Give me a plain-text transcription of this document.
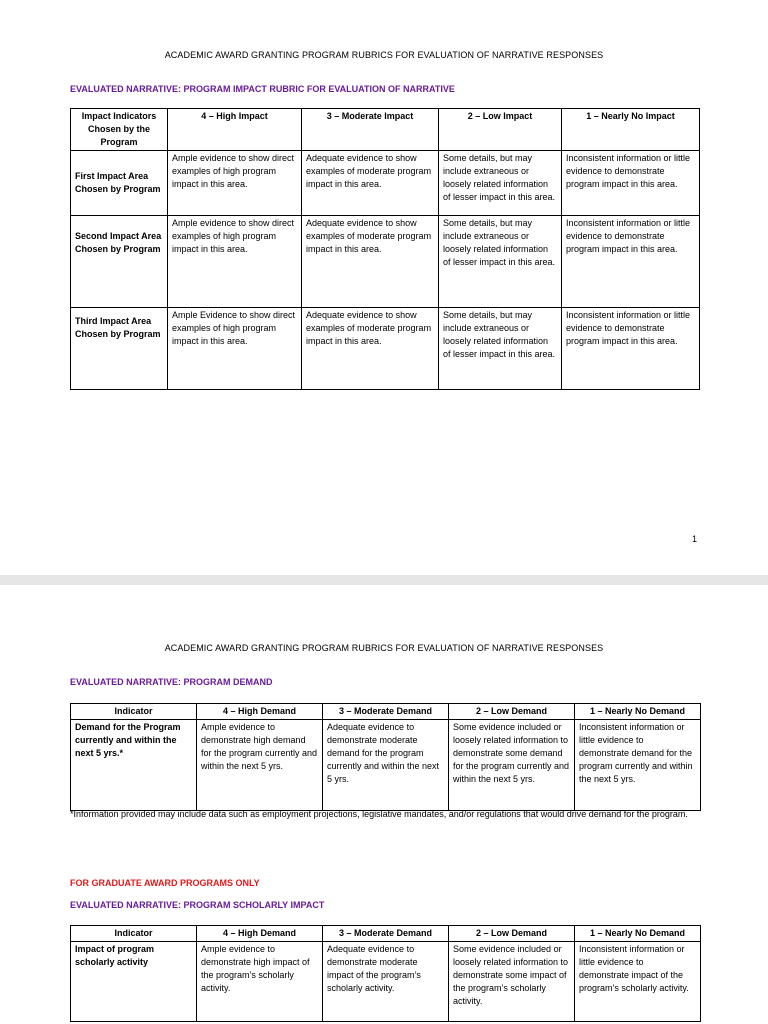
ACADEMIC AWARD GRANTING PROGRAM RUBRICS FOR EVALUATION OF NARRATIVE RESPONSES
EVALUATED NARRATIVE: PROGRAM IMPACT RUBRIC FOR EVALUATION OF NARRATIVE
Impact Indicators Chosen by the Program	4 – High Impact	3 – Moderate Impact	2 – Low Impact	1 – Nearly No Impact
First Impact Area Chosen by Program	Ample evidence to show direct examples of high program impact in this area.	Adequate evidence to show examples of moderate program impact in this area.	Some details, but may include extraneous or loosely related information of lesser impact in this area.	Inconsistent information or little evidence to demonstrate program impact in this area.
Second Impact Area Chosen by Program	Ample evidence to show direct examples of high program impact in this area.	Adequate evidence to show examples of moderate program impact in this area.	Some details, but may include extraneous or loosely related information of lesser impact in this area.	Inconsistent information or little evidence to demonstrate program impact in this area.
Third Impact Area Chosen by Program	Ample Evidence to show direct examples of high program impact in this area.	Adequate evidence to show examples of moderate program impact in this area.	Some details, but may include extraneous or loosely related information of lesser impact in this area.	Inconsistent information or little evidence to demonstrate program impact in this area.
1
ACADEMIC AWARD GRANTING PROGRAM RUBRICS FOR EVALUATION OF NARRATIVE RESPONSES
EVALUATED NARRATIVE: PROGRAM DEMAND
Indicator	4 – High Demand	3 – Moderate Demand	2 – Low Demand	1 – Nearly No Demand
Demand for the Program currently and within the next 5 yrs.*	Ample evidence to demonstrate high demand for the program currently and within the next 5 yrs.	Adequate evidence to demonstrate moderate demand for the program currently and within the next 5 yrs.	Some evidence included or loosely related information to demonstrate some demand for the program currently and within the next 5 yrs.	Inconsistent information or little evidence to demonstrate demand for the program currently and within the next 5 yrs.
*Information provided may include data such as employment projections, legislative mandates, and/or regulations that would drive demand for the program.
FOR GRADUATE AWARD PROGRAMS ONLY
EVALUATED NARRATIVE: PROGRAM SCHOLARLY IMPACT
Indicator	4 – High Demand	3 – Moderate Demand	2 – Low Demand	1 – Nearly No Demand
Impact of program scholarly activity	Ample evidence to demonstrate high impact of the program’s scholarly activity.	Adequate evidence to demonstrate moderate impact of the program’s scholarly activity.	Some evidence included or loosely related information to demonstrate some impact of the program’s scholarly activity.	Inconsistent information or little evidence to demonstrate impact of the program’s scholarly activity.
